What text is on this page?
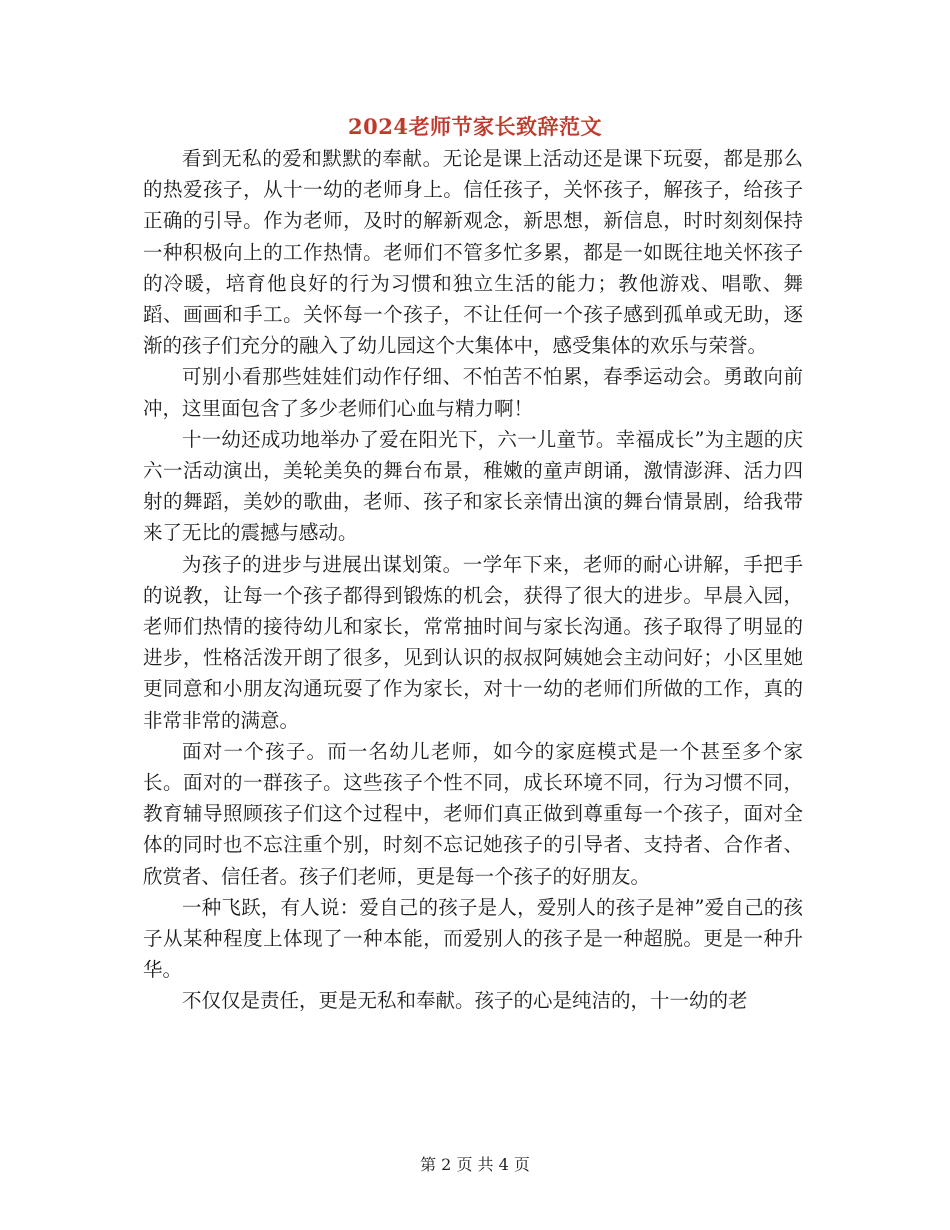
2024老师节家长致辞范文

看到无私的爱和默默的奉献。无论是课上活动还是课下玩耍，都是那么的热爱孩子，从十一幼的老师身上。信任孩子，关怀孩子，解孩子，给孩子正确的引导。作为老师，及时的解新观念，新思想，新信息，时时刻刻保持一种积极向上的工作热情。老师们不管多忙多累，都是一如既往地关怀孩子的冷暖，培育他良好的行为习惯和独立生活的能力；教他游戏、唱歌、舞蹈、画画和手工。关怀每一个孩子，不让任何一个孩子感到孤单或无助，逐渐的孩子们充分的融入了幼儿园这个大集体中，感受集体的欢乐与荣誉。

可别小看那些娃娃们动作仔细、不怕苦不怕累，春季运动会。勇敢向前冲，这里面包含了多少老师们心血与精力啊！

十一幼还成功地举办了爱在阳光下，六一儿童节。幸福成长”为主题的庆六一活动演出，美轮美奂的舞台布景，稚嫩的童声朗诵，激情澎湃、活力四射的舞蹈，美妙的歌曲，老师、孩子和家长亲情出演的舞台情景剧，给我带来了无比的震撼与感动。

为孩子的进步与进展出谋划策。一学年下来，老师的耐心讲解，手把手的说教，让每一个孩子都得到锻炼的机会，获得了很大的进步。早晨入园，老师们热情的接待幼儿和家长，常常抽时间与家长沟通。孩子取得了明显的进步，性格活泼开朗了很多，见到认识的叔叔阿姨她会主动问好；小区里她更同意和小朋友沟通玩耍了作为家长，对十一幼的老师们所做的工作，真的非常非常的满意。

面对一个孩子。而一名幼儿老师，如今的家庭模式是一个甚至多个家长。面对的一群孩子。这些孩子个性不同，成长环境不同，行为习惯不同，教育辅导照顾孩子们这个过程中，老师们真正做到尊重每一个孩子，面对全体的同时也不忘注重个别，时刻不忘记她孩子的引导者、支持者、合作者、欣赏者、信任者。孩子们老师，更是每一个孩子的好朋友。

一种飞跃，有人说：爱自己的孩子是人，爱别人的孩子是神”爱自己的孩子从某种程度上体现了一种本能，而爱别人的孩子是一种超脱。更是一种升华。

不仅仅是责任，更是无私和奉献。孩子的心是纯洁的，十一幼的老

第 2 页 共 4 页
